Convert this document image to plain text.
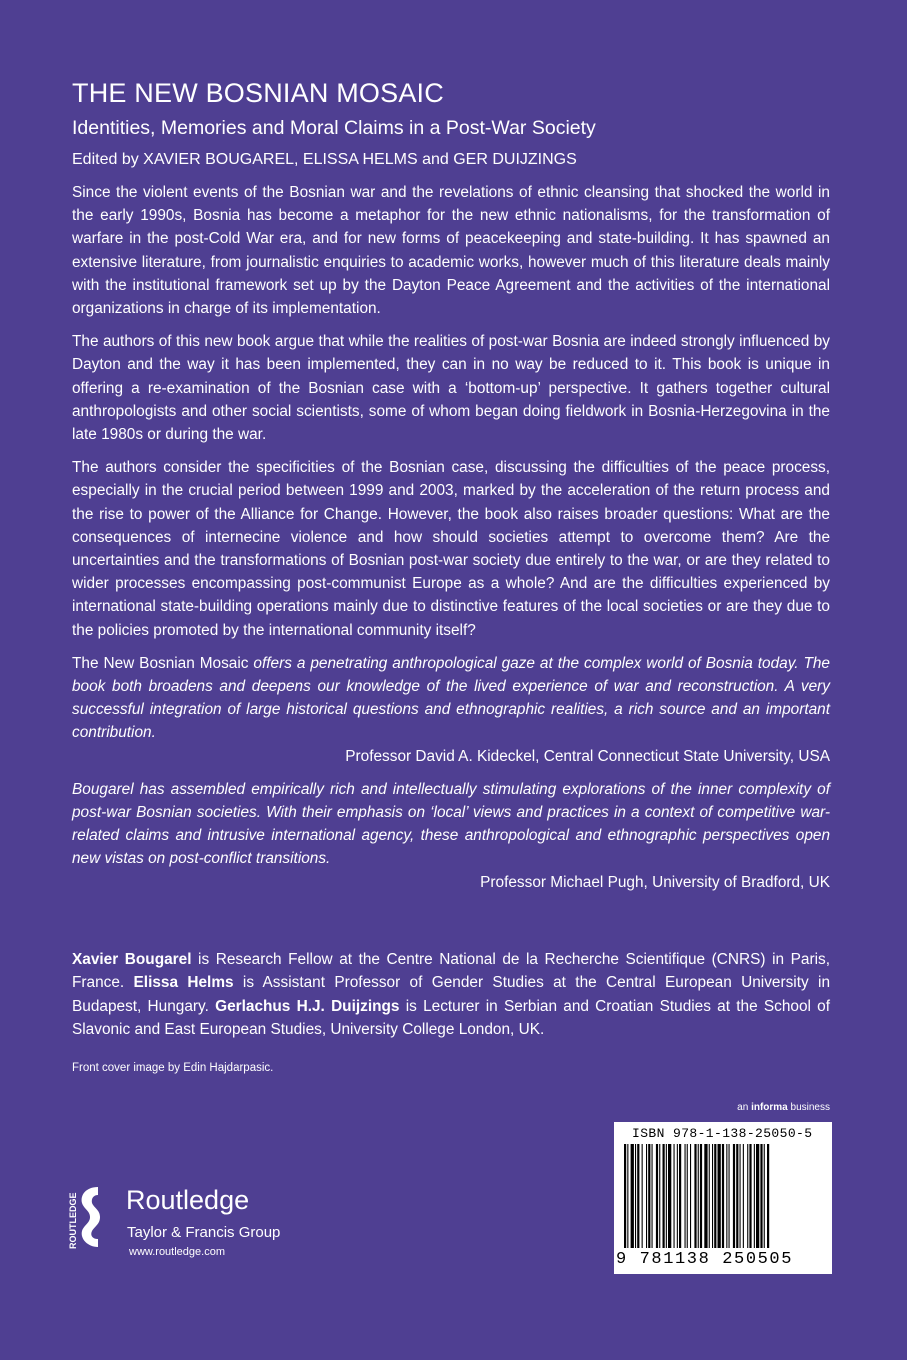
THE NEW BOSNIAN MOSAIC
Identities, Memories and Moral Claims in a Post-War Society
Edited by XAVIER BOUGAREL, ELISSA HELMS and GER DUIJZINGS

Since the violent events of the Bosnian war and the revelations of ethnic cleansing that shocked the world in the early 1990s, Bosnia has become a metaphor for the new ethnic nationalisms, for the transformation of warfare in the post-Cold War era, and for new forms of peacekeeping and state-building. It has spawned an extensive literature, from journalistic enquiries to academic works, however much of this literature deals mainly with the institutional framework set up by the Dayton Peace Agreement and the activities of the international organizations in charge of its implementation.

The authors of this new book argue that while the realities of post-war Bosnia are indeed strongly influenced by Dayton and the way it has been implemented, they can in no way be reduced to it. This book is unique in offering a re-examination of the Bosnian case with a ‘bottom-up’ perspective. It gathers together cultural anthropologists and other social scientists, some of whom began doing fieldwork in Bosnia-Herzegovina in the late 1980s or during the war.

The authors consider the specificities of the Bosnian case, discussing the difficulties of the peace process, especially in the crucial period between 1999 and 2003, marked by the acceleration of the return process and the rise to power of the Alliance for Change. However, the book also raises broader questions: What are the consequences of internecine violence and how should societies attempt to overcome them? Are the uncertainties and the transformations of Bosnian post-war society due entirely to the war, or are they related to wider processes encompassing post-communist Europe as a whole? And are the difficulties experienced by international state-building operations mainly due to distinctive features of the local societies or are they due to the policies promoted by the international community itself?

The New Bosnian Mosaic offers a penetrating anthropological gaze at the complex world of Bosnia today. The book both broadens and deepens our knowledge of the lived experience of war and reconstruction. A very successful integration of large historical questions and ethnographic realities, a rich source and an important contribution.

Professor David A. Kideckel, Central Connecticut State University, USA

Bougarel has assembled empirically rich and intellectually stimulating explorations of the inner complexity of post-war Bosnian societies. With their emphasis on ‘local’ views and practices in a context of competitive war-related claims and intrusive international agency, these anthropological and ethnographic perspectives open new vistas on post-conflict transitions.

Professor Michael Pugh, University of Bradford, UK

Xavier Bougarel is Research Fellow at the Centre National de la Recherche Scientifique (CNRS) in Paris, France. Elissa Helms is Assistant Professor of Gender Studies at the Central European University in Budapest, Hungary. Gerlachus H.J. Duijzings is Lecturer in Serbian and Croatian Studies at the School of Slavonic and East European Studies, University College London, UK.
Front cover image by Edin Hajdarpasic.
an informa business
ISBN 978-1-138-25050-5
9 781138 250505
ROUTLEDGE Routledge
Taylor & Francis Group
www.routledge.com
